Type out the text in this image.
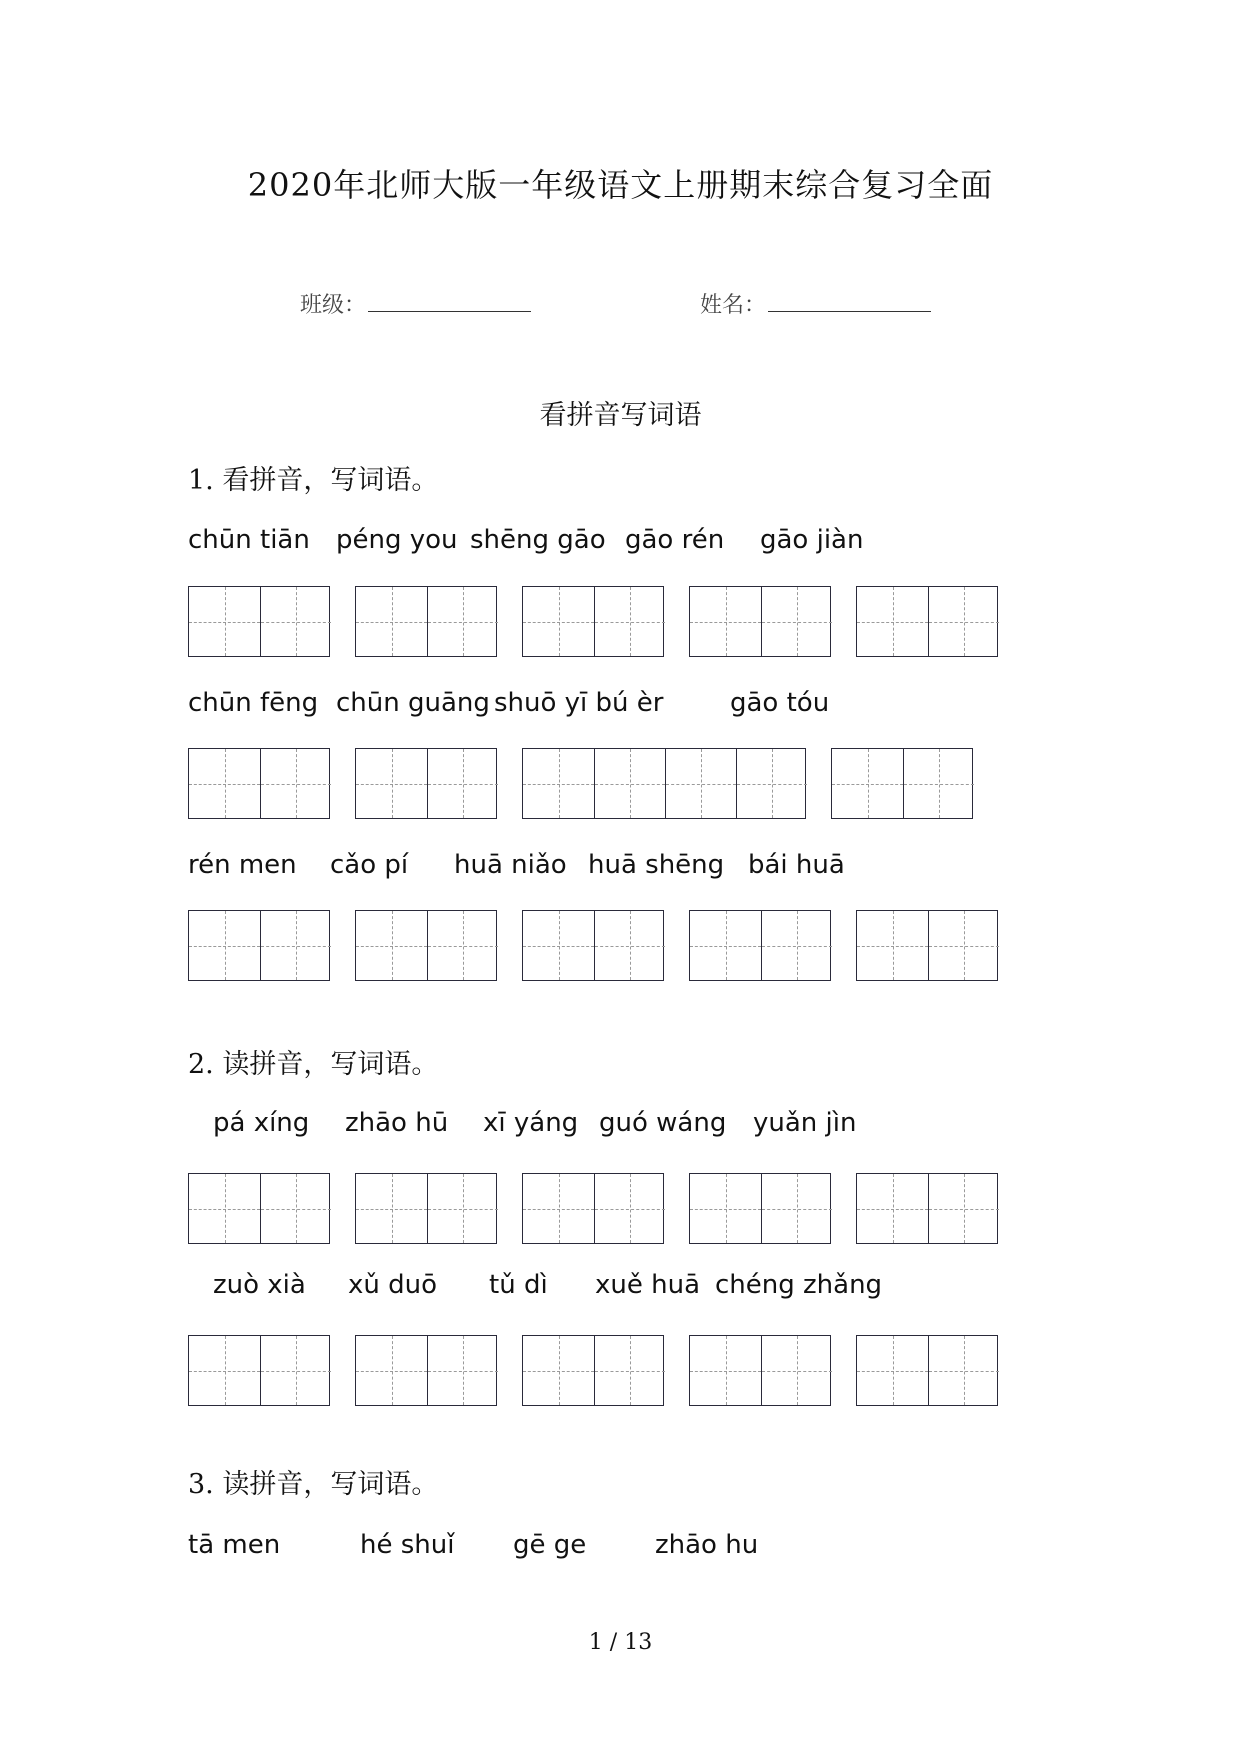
2020年北师大版一年级语文上册期末综合复习全面
班级：	姓名：
看拼音写词语
1. 看拼音，写词语。
chūn tiān péng you shēng gāo gāo rén gāo jiàn
chūn fēng chūn guāng shuō yī bú èr	gāo tóu
rén men cǎo pí huā niǎo huā shēng bái huā
2. 读拼音，写词语。
pá xíng zhāo hū xī yáng guó wáng yuǎn jìn
zuò xià xǔ duō tǔ dì xuě huā chéng zhǎng
3. 读拼音，写词语。
tā men	hé shuǐ gē ge	zhāo hu
1 / 13
